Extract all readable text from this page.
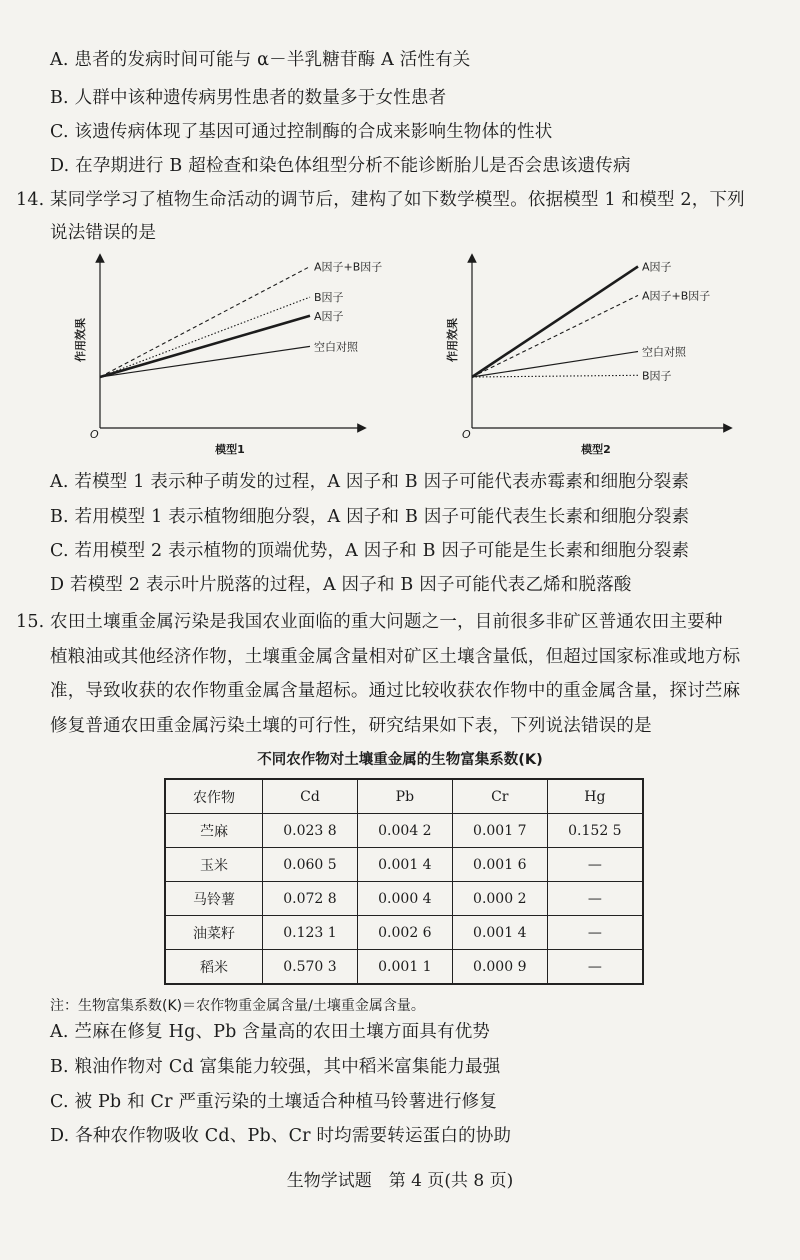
A. 患者的发病时间可能与 α－半乳糖苷酶 A 活性有关
B. 人群中该种遗传病男性患者的数量多于女性患者
C. 该遗传病体现了基因可通过控制酶的合成来影响生物体的性状
D. 在孕期进行 B 超检查和染色体组型分析不能诊断胎儿是否会患该遗传病
14. 某同学学习了植物生命活动的调节后，建构了如下数学模型。依据模型 1 和模型 2，下列
说法错误的是
作用效果
O
模型1
A因子+B因子
B因子
A因子
空白对照	作用效果
O
模型2
A因子
A因子+B因子
空白对照
B因子
A. 若模型 1 表示种子萌发的过程，A 因子和 B 因子可能代表赤霉素和细胞分裂素
B. 若用模型 1 表示植物细胞分裂，A 因子和 B 因子可能代表生长素和细胞分裂素
C. 若用模型 2 表示植物的顶端优势，A 因子和 B 因子可能是生长素和细胞分裂素
D 若模型 2 表示叶片脱落的过程，A 因子和 B 因子可能代表乙烯和脱落酸
15. 农田土壤重金属污染是我国农业面临的重大问题之一，目前很多非矿区普通农田主要种
植粮油或其他经济作物，土壤重金属含量相对矿区土壤含量低，但超过国家标准或地方标
准，导致收获的农作物重金属含量超标。通过比较收获农作物中的重金属含量，探讨苎麻
修复普通农田重金属污染土壤的可行性，研究结果如下表，下列说法错误的是
不同农作物对土壤重金属的生物富集系数(K)
农作物	Cd	Pb	Cr	Hg
苎麻	0.023 8	0.004 2	0.001 7	0.152 5
玉米	0.060 5	0.001 4	0.001 6	—
马铃薯	0.072 8	0.000 4	0.000 2	—
油菜籽	0.123 1	0.002 6	0.001 4	—
稻米	0.570 3	0.001 1	0.000 9	—
注：生物富集系数(K)＝农作物重金属含量/土壤重金属含量。
A. 苎麻在修复 Hg、Pb 含量高的农田土壤方面具有优势
B. 粮油作物对 Cd 富集能力较强，其中稻米富集能力最强
C. 被 Pb 和 Cr 严重污染的土壤适合种植马铃薯进行修复
D. 各种农作物吸收 Cd、Pb、Cr 时均需要转运蛋白的协助
生物学试题　第 4 页(共 8 页)
